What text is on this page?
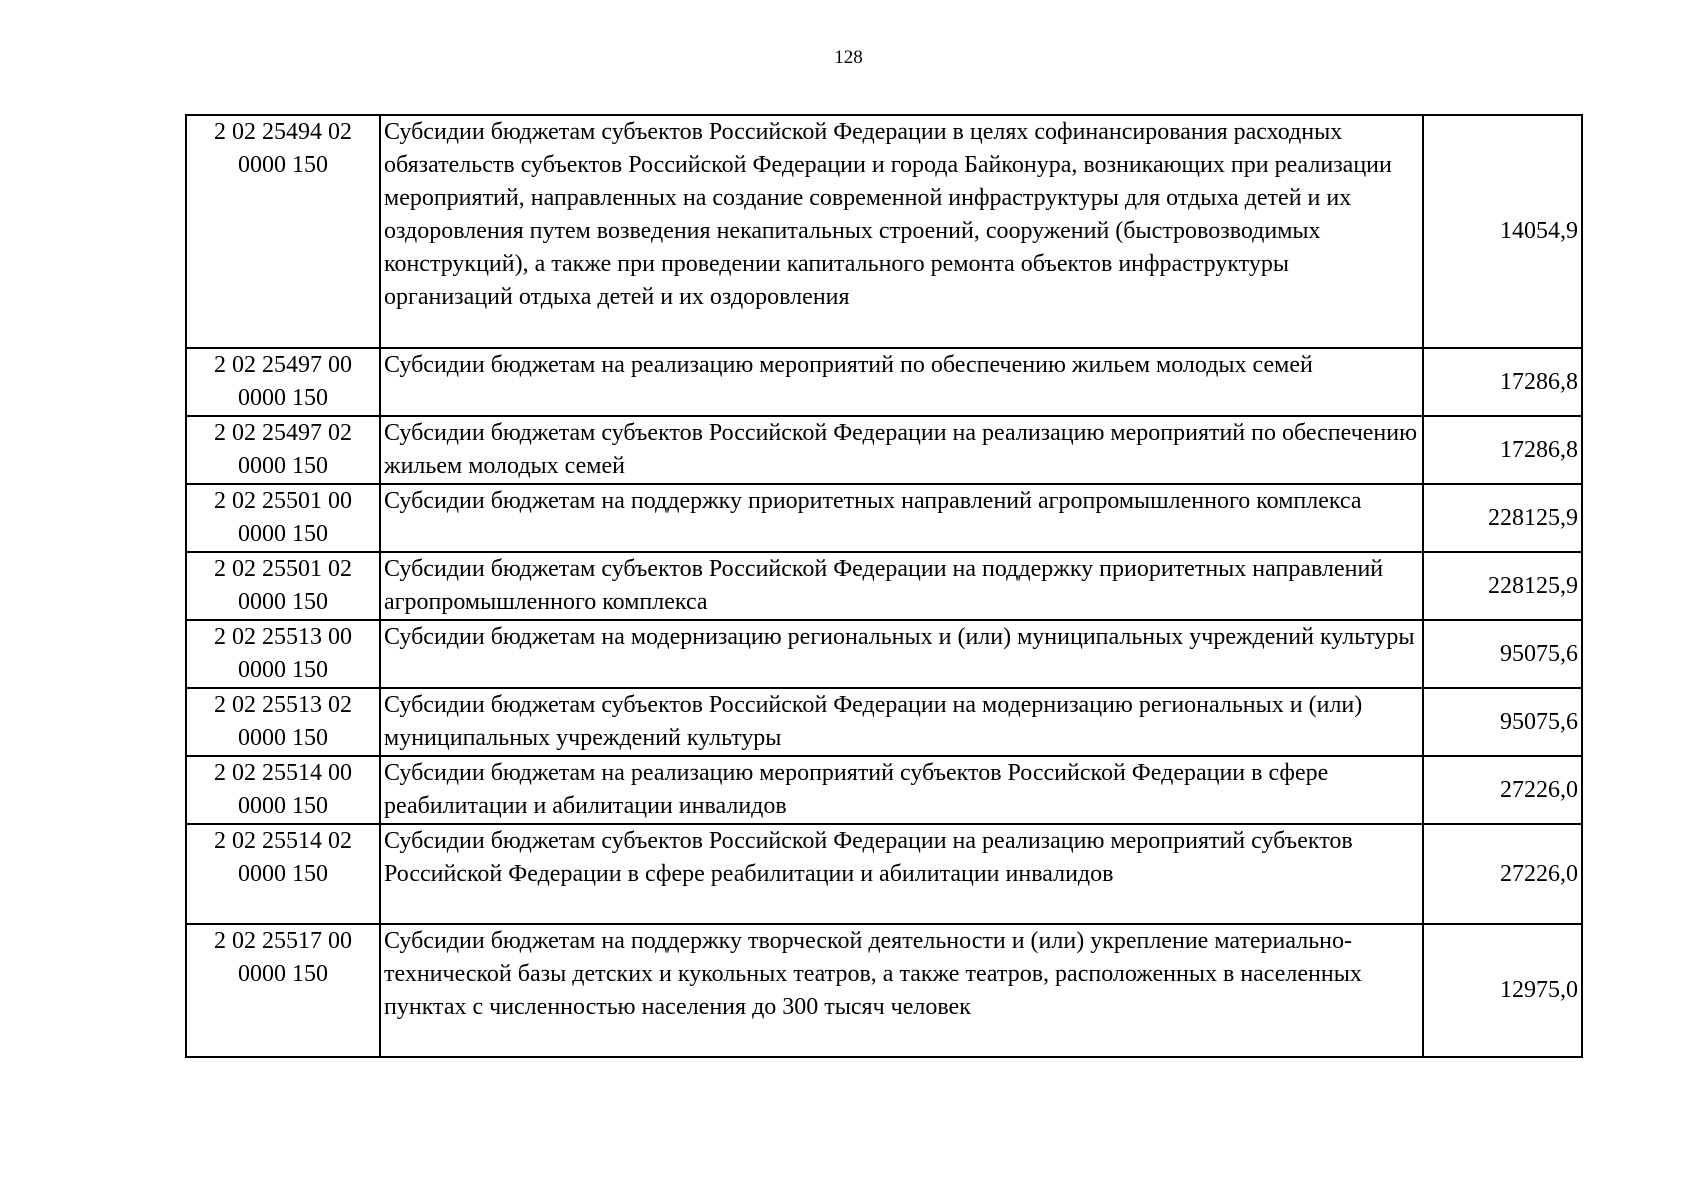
128
2 02 25494 02
0000 150	Субсидии бюджетам субъектов Российской Федерации в целях софинансирования расходных обязательств субъектов Российской Федерации и города Байконура, возникающих при реализации мероприятий, направленных на создание современной инфраструктуры для отдыха детей и их оздоровления путем возведения некапитальных строений, сооружений (быстровозводимых конструкций), а также при проведении капитального ремонта объектов инфраструктуры организаций отдыха детей и их оздоровления	14054,9

2 02 25497 00
0000 150	Субсидии бюджетам на реализацию мероприятий по обеспечению жильем молодых семей	17286,8

2 02 25497 02
0000 150	Субсидии бюджетам субъектов Российской Федерации на реализацию мероприятий по обеспечению жильем молодых семей	17286,8

2 02 25501 00
0000 150	Субсидии бюджетам на поддержку приоритетных направлений агропромышленного комплекса	228125,9

2 02 25501 02
0000 150	Субсидии бюджетам субъектов Российской Федерации на поддержку приоритетных направлений агропромышленного комплекса	228125,9

2 02 25513 00
0000 150	Субсидии бюджетам на модернизацию региональных и (или) муниципальных учреждений культуры	95075,6

2 02 25513 02
0000 150	Субсидии бюджетам субъектов Российской Федерации на модернизацию региональных и (или) муниципальных учреждений культуры	95075,6

2 02 25514 00
0000 150	Субсидии бюджетам на реализацию мероприятий субъектов Российской Федерации в сфере реабилитации и абилитации инвалидов	27226,0

2 02 25514 02
0000 150	Субсидии бюджетам субъектов Российской Федерации на реализацию мероприятий субъектов Российской Федерации в сфере реабилитации и абилитации инвалидов	27226,0

2 02 25517 00
0000 150	Субсидии бюджетам на поддержку творческой деятельности и (или) укрепление материально-технической базы детских и кукольных театров, а также театров, расположенных в населенных пунктах с численностью населения до 300 тысяч человек	12975,0
